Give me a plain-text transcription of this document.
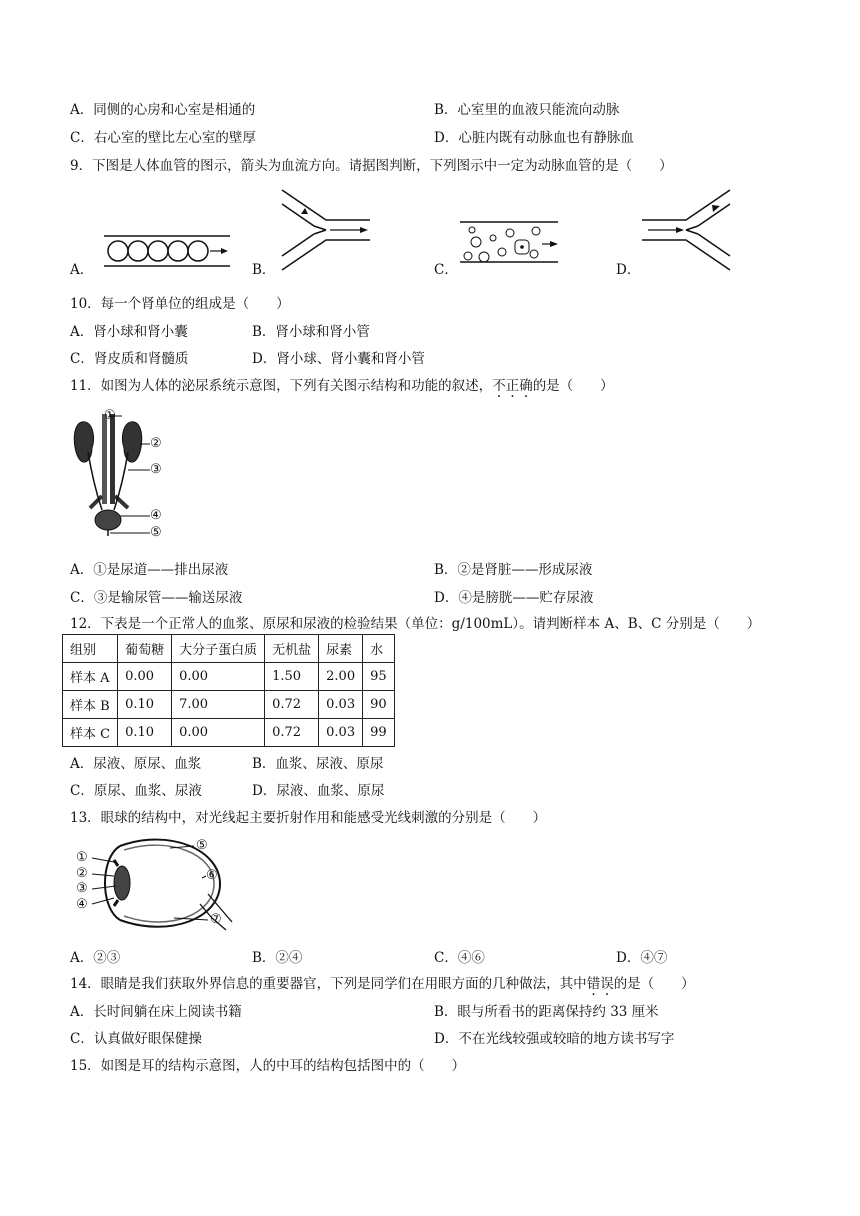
A．同侧的心房和心室是相通的	B．心室里的血液只能流向动脉
C．右心室的壁比左心室的壁厚	D．心脏内既有动脉血也有静脉血
9．下图是人体血管的图示，箭头为血流方向。请据图判断，下列图示中一定为动脉血管的是（　　）
A．	B．	C．	D．
10．每一个肾单位的组成是（　　）
A．肾小球和肾小囊	B．肾小球和肾小管
C．肾皮质和肾髓质	D．肾小球、肾小囊和肾小管
11．如图为人体的泌尿系统示意图，下列有关图示结构和功能的叙述，不正确的是（　　）
①
②
③
④
⑤
A．①是尿道——排出尿液	B．②是肾脏——形成尿液
C．③是输尿管——输送尿液	D．④是膀胱——贮存尿液
12．下表是一个正常人的血浆、原尿和尿液的检验结果（单位：g/100mL）。请判断样本 A、B、C 分别是（　　）
组别	葡萄糖	大分子蛋白质	无机盐	尿素	水
样本 A	0.00	0.00	1.50	2.00	95
样本 B	0.10	7.00	0.72	0.03	90
样本 C	0.10	0.00	0.72	0.03	99
A．尿液、原尿、血浆	B．血浆、尿液、原尿
C．原尿、血浆、尿液	D．尿液、血浆、原尿
13．眼球的结构中，对光线起主要折射作用和能感受光线刺激的分别是（　　）
①
②
③
④
⑤
⑥
⑦
A．②③	B．②④	C．④⑥	D．④⑦
14．眼睛是我们获取外界信息的重要器官，下列是同学们在用眼方面的几种做法，其中错误的是（　　）
A．长时间躺在床上阅读书籍	B．眼与所看书的距离保持约 33 厘米
C．认真做好眼保健操	D．不在光线较强或较暗的地方读书写字
15．如图是耳的结构示意图，人的中耳的结构包括图中的（　　）
